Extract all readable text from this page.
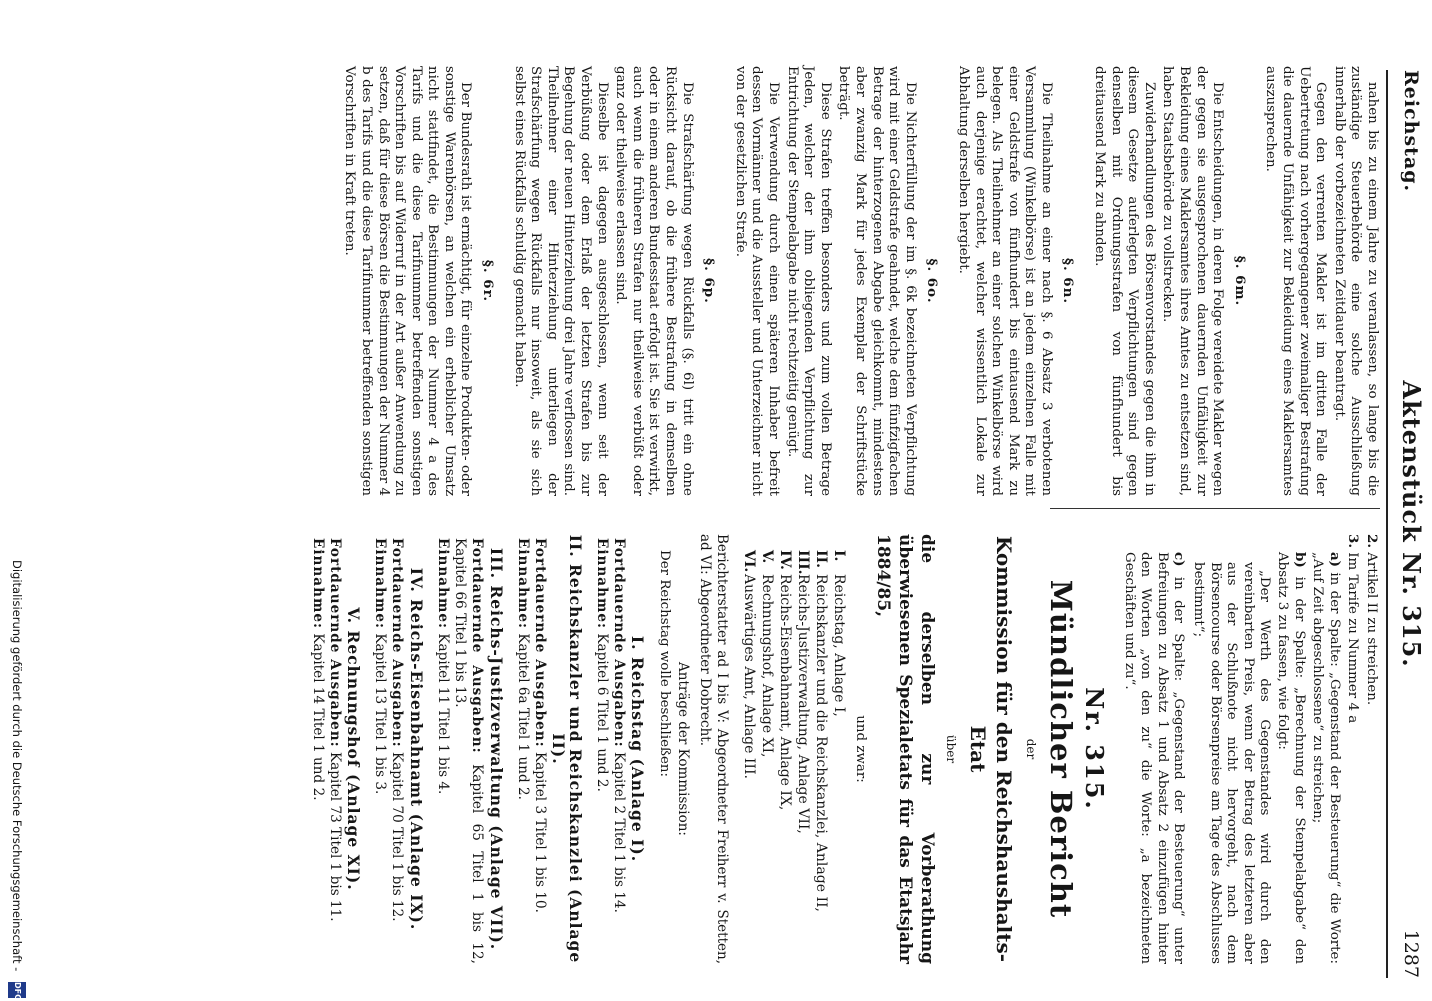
Reichstag.
Aktenstück Nr. 315.
1287

nahen bis zu einem Jahre zu veranlassen, so lange bis die zuständige Steuerbehörde eine solche Ausschließung innerhalb der vorbezeichneten Zeitdauer beantragt.

Gegen den verrenten Makler ist im dritten Falle der Uebertretung nach vorhergegangener zweimaliger Bestrafung die dauernde Unfähigkeit zur Bekleidung eines Maklersamtes auszusprechen.

§. 6m.

Die Entscheidungen, in deren Folge vereidete Makler wegen der gegen sie ausgesprochenen dauernden Unfähigkeit zur Bekleidung eines Maklersamtes ihres Amtes zu entsetzen sind, haben Staatsbehörde zu vollstrecken.

Zuwiderhandlungen des Börsenvorstandes gegen die ihm in diesem Gesetze auferlegten Verpflichtungen sind gegen denselben mit Ordnungsstrafen von fünfhundert bis dreitausend Mark zu ahnden.

§. 6n.

Die Theilnahme an einer nach §. 6 Absatz 3 verbotenen Versammlung (Winkelbörse) ist an jedem einzelnen Falle mit einer Geldstrafe von fünfhundert bis eintausend Mark zu belegen. Als Theilnehmer an einer solchen Winkelbörse wird auch derjenige erachtet, welcher wissentlich Lokale zur Abhaltung derselben hergiebt.

§. 6o.

Die Nichterfüllung der im §. 6k bezeichneten Verpflichtung wird mit einer Geldstrafe geahndet, welche dem fünfzigfachen Betrage der hinterzogenen Abgabe gleichkommt, mindestens aber zwanzig Mark für jedes Exemplar der Schriftstücke beträgt.

Diese Strafen treffen besonders und zum vollen Betrage Jeden, welcher der ihm obliegenden Verpflichtung zur Entrichtung der Stempelabgabe nicht rechtzeitig genügt.

Die Verwendung durch einen späteren Inhaber befreit dessen Vormänner und die Aussteller und Unterzeichner nicht von der gesetzlichen Strafe.

§. 6p.

Die Strafschärfung wegen Rückfalls (§. 6l) tritt ein ohne Rücksicht darauf, ob die frühere Bestrafung in demselben oder in einem anderen Bundesstaat erfolgt ist. Sie ist verwirkt, auch wenn die früheren Strafen nur theilweise verbüßt oder ganz oder theilweise erlassen sind.

Dieselbe ist dagegen ausgeschlossen, wenn seit der Verbüßung oder dem Erlaß der letzten Strafen bis zur Begehung der neuen Hinterziehung drei Jahre verflossen sind. Theilnehmer einer Hinterziehung unterliegen der Strafschärfung wegen Rückfalls nur insoweit, als sie sich selbst eines Rückfalls schuldig gemacht haben.

§. 6r.

Der Bundesrath ist ermächtigt, für einzelne Produkten- oder sonstige Warenbörsen, an welchen ein erheblicher Umsatz nicht stattfindet, die Bestimmungen der Nummer 4 a des Tarifs und die diese Tarifnummer betreffenden sonstigen Vorschriften bis auf Widerruf in der Art außer Anwendung zu setzen, daß für diese Börsen die Bestimmungen der Nummer 4 b des Tarifs und die diese Tarifnummer betreffenden sonstigen Vorschriften in Kraft treten.

2. Artikel II zu streichen.

3. Im Tarife zu Nummer 4 a

a) in der Spalte: „Gegenstand der Besteuerung“ die Worte: „Auf Zeit abgeschlossene“ zu streichen;

b) in der Spalte: „Berechnung der Stempelabgabe“ den Absatz 3 zu fassen, wie folgt:

„Der Werth des Gegenstandes wird durch den vereinbarten Preis, wenn der Betrag des letzteren aber aus der Schlußnote nicht hervorgeht, nach dem Börsencourse oder Börsenpreise am Tage des Abschlusses bestimmt“;

c) in der Spalte: „Gegenstand der Besteuerung“ unter Befreiungen zu Absatz 1 und Absatz 2 einzufügen hinter den Worten „von den zu“ die Worte: „a bezeichneten Geschäften und zu“.

Nr. 315.
Mündlicher Bericht
der
Kommission für den Reichshaushalts-Etat
über
die derselben zur Vorberathung überwiesenen Spezialetats für das Etatsjahr 1884/85,
und zwar:
I.Reichstag, Anlage I,
II.Reichskanzler und die Reichskanzlei, Anlage II,
III.Reichs-Justizverwaltung, Anlage VII,
IV.Reichs-Eisenbahnamt, Anlage IX,
V.Rechnungshof, Anlage XI,
VI.Auswärtiges Amt, Anlage III.

Berichterstatter ad I bis V: Abgeordneter Freiherr v. Stetten, ad VI: Abgeordneter Dobrecht.

Anträge der Kommission:

Der Reichstag wolle beschließen:

I. Reichstag (Anlage I).

Fortdauernde Ausgaben: Kapitel 2 Titel 1 bis 14.

Einnahme: Kapitel 6 Titel 1 und 2.

II. Reichskanzler und Reichskanzlei (Anlage II).

Fortdauernde Ausgaben: Kapitel 3 Titel 1 bis 10.

Einnahme: Kapitel 6a Titel 1 und 2.

III. Reichs-Justizverwaltung (Anlage VII).

Fortdauernde Ausgaben: Kapitel 65 Titel 1 bis 12, Kapitel 66 Titel 1 bis 13.

Einnahme: Kapitel 11 Titel 1 bis 4.

IV. Reichs-Eisenbahnamt (Anlage IX).

Fortdauernde Ausgaben: Kapitel 70 Titel 1 bis 12.

Einnahme: Kapitel 13 Titel 1 bis 3.

V. Rechnungshof (Anlage XI).

Fortdauernde Ausgaben: Kapitel 73 Titel 1 bis 11.

Einnahme: Kapitel 14 Titel 1 und 2.

Digitalisierung gefördert durch die Deutsche Forschungsgemeinschaft -
DFG
